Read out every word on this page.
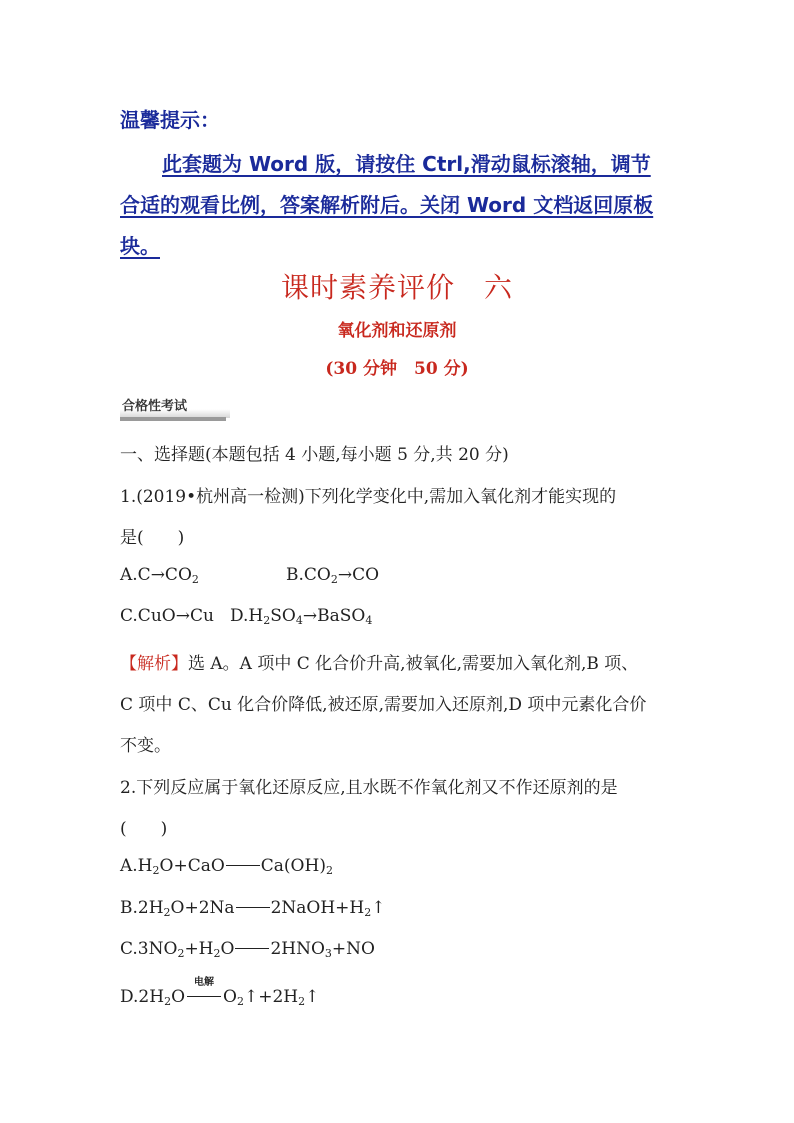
温馨提示：
此套题为 Word 版，请按住 Ctrl,滑动鼠标滚轴，调节
合适的观看比例，答案解析附后。关闭 Word 文档返回原板
块。
课时素养评价　六
氧化剂和还原剂
(30 分钟　50 分)
合格性考试
一、选择题(本题包括 4 小题,每小题 5 分,共 20 分)
1.(2019•杭州高一检测)下列化学变化中,需加入氧化剂才能实现的
是(　　)
$A.C\to CO_2$	$B.CO_2\to CO$
C.CuO→Cu $D.H_2SO_4\to BaSO_4$
【解析】选 A。A 项中 C 化合价升高,被氧化,需要加入氧化剂,B 项、
C 项中 C、Cu 化合价降低,被还原,需要加入还原剂,D 项中元素化合价
不变。
2.下列反应属于氧化还原反应,且水既不作氧化剂又不作还原剂的是
(　　)
$A.H_2O+CaO$ $Ca(OH)_2$
$B.2H_2O+2Na$ $2NaOH+H_2↑$
$C.3NO_2+H_2O$ $2HNO_3+NO$
$D.2H_2O$
电解
$O_2↑+2H_2↑$
